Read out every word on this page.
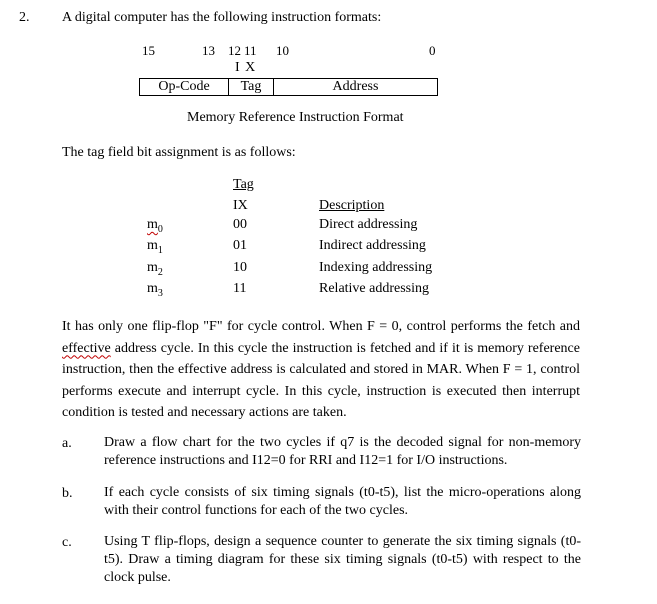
2. A digital computer has the following instruction formats:
15	13 12 11 10	0
I X
Op-Code	Tag	Address
Memory Reference Instruction Format
The tag field bit assignment is as follows:
Tag
IX	Description
$m_0$	00	Direct addressing
$m_1$	01	Indirect addressing
$m_2$	10	Indexing addressing
$m_3$	11	Relative addressing
It has only one flip-flop "F" for cycle control. When F = 0, control performs the fetch and effective address cycle. In this cycle the instruction is fetched and if it is memory reference instruction, then the effective address is calculated and stored in MAR. When F = 1, control performs execute and interrupt cycle. In this cycle, instruction is executed then interrupt condition is tested and necessary actions are taken.
a. Draw a flow chart for the two cycles if q7 is the decoded signal for non-memory reference instructions and I12=0 for RRI and I12=1 for I/O instructions.
b. If each cycle consists of six timing signals (t0-t5), list the micro-operations along with their control functions for each of the two cycles.
c. Using T flip-flops, design a sequence counter to generate the six timing signals (t0-t5). Draw a timing diagram for these six timing signals (t0-t5) with respect to the clock pulse.
